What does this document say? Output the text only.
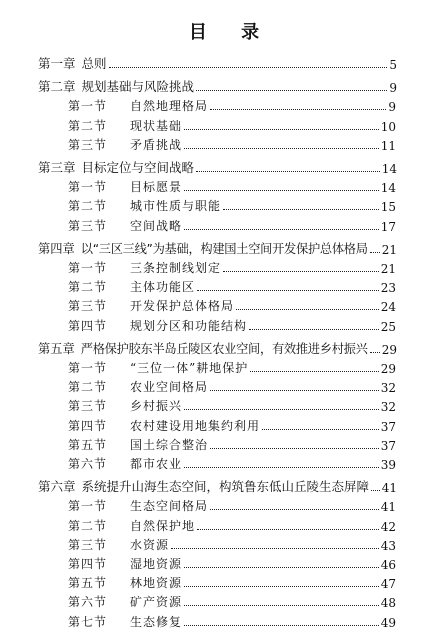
目 录
第一章 总则	5
第二章 规划基础与风险挑战	9
第一节	自然地理格局	9
第二节	现状基础	10
第三节	矛盾挑战	11
第三章 目标定位与空间战略	14
第一节	目标愿景	14
第二节	城市性质与职能	15
第三节	空间战略	17
第四章 以“三区三线”为基础，构建国土空间开发保护总体格局 21
第一节	三条控制线划定	21
第二节	主体功能区	23
第三节	开发保护总体格局	24
第四节	规划分区和功能结构	25
第五章 严格保护胶东半岛丘陵区农业空间，有效推进乡村振兴 29
第一节	“三位一体”耕地保护	29
第二节	农业空间格局	32
第三节	乡村振兴	32
第四节	农村建设用地集约利用	37
第五节	国土综合整治	37
第六节	都市农业	39
第六章 系统提升山海生态空间，构筑鲁东低山丘陵生态屏障 41
第一节	生态空间格局	41
第二节	自然保护地	42
第三节	水资源	43
第四节	湿地资源	46
第五节	林地资源	47
第六节	矿产资源	48
第七节	生态修复	49
